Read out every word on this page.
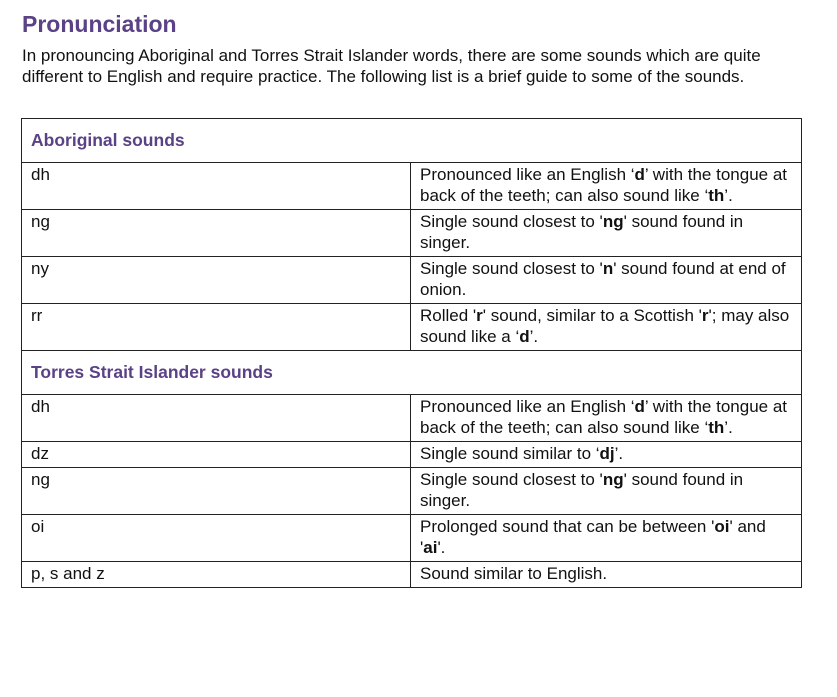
Pronunciation

In pronouncing Aboriginal and Torres Strait Islander words, there are some sounds which are quite different to English and require practice. The following list is a brief guide to some of the sounds.

Aboriginal sounds	
dh	Pronounced like an English ‘d’ with the tongue at back of the teeth; can also sound like ‘th’.
ng	Single sound closest to 'ng' sound found in singer.
ny	Single sound closest to 'n' sound found at end of onion.
rr	Rolled 'r' sound, similar to a Scottish 'r'; may also sound like a ‘d’.
Torres Strait Islander sounds	
dh	Pronounced like an English ‘d’ with the tongue at back of the teeth; can also sound like ‘th’.
dz	Single sound similar to ‘dj’.
ng	Single sound closest to 'ng' sound found in singer.
oi	Prolonged sound that can be between 'oi' and 'ai'.
p, s and z	Sound similar to English.
